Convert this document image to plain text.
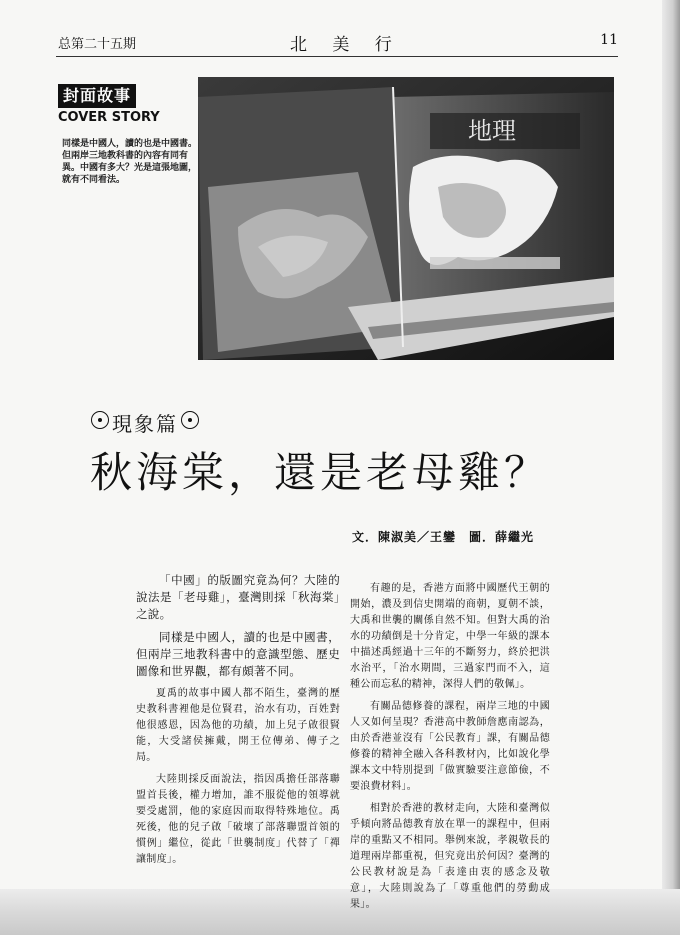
总第二十五期	北 美 行	11
封面故事
COVER STORY
同樣是中國人，讀的也是中國書。但兩岸三地教科書的內容有同有異。中國有多大？光是這張地圖，就有不同看法。
地理
現象篇
秋海棠，還是老母雞？
文．陳淑美／王鑾　圖．薛繼光

「中國」的版圖究竟為何？大陸的說法是「老母雞」，臺灣則採「秋海棠」之說。

同樣是中國人，讀的也是中國書，但兩岸三地教科書中的意識型態、歷史圖像和世界觀，都有頗著不同。

夏禹的故事中國人都不陌生，臺灣的歷史教科書裡他是位賢君，治水有功，百姓對他很感恩，因為他的功績，加上兒子啟很賢能，大受諸侯擁戴，開王位傳弟、傳子之局。

大陸則採反面說法，指因禹擔任部落聯盟首長後，權力增加，誰不服從他的領導就要受處罰，他的家庭因而取得特殊地位。禹死後，他的兒子啟「破壞了部落聯盟首領的慣例」繼位，從此「世襲制度」代替了「禪讓制度」。

有趣的是，香港方面將中國歷代王朝的開始，濃及到信史開端的商朝，夏朝不談，大禹和世襲的關係自然不知。但對大禹的治水的功績倒是十分肯定，中學一年級的課本中描述禹經過十三年的不斷努力，終於把洪水治平，「治水期間，三過家門而不入，這種公而忘私的精神，深得人們的敬佩」。

有關品德修養的課程，兩岸三地的中國人又如何呈現？香港高中教師詹應南認為，由於香港並沒有「公民教育」課，有關品德修養的精神全融入各科教材內，比如說化學課本文中特別提到「做實驗要注意節儉，不要浪費材料」。

相對於香港的教材走向，大陸和臺灣似乎傾向將品德教育放在單一的課程中，但兩岸的重點又不相同。舉例來說，孝親敬長的道理兩岸都重視，但究竟出於何因？臺灣的公民教材說是為「表達由衷的感念及敬意」，大陸則說為了「尊重他們的勞動成果」。
